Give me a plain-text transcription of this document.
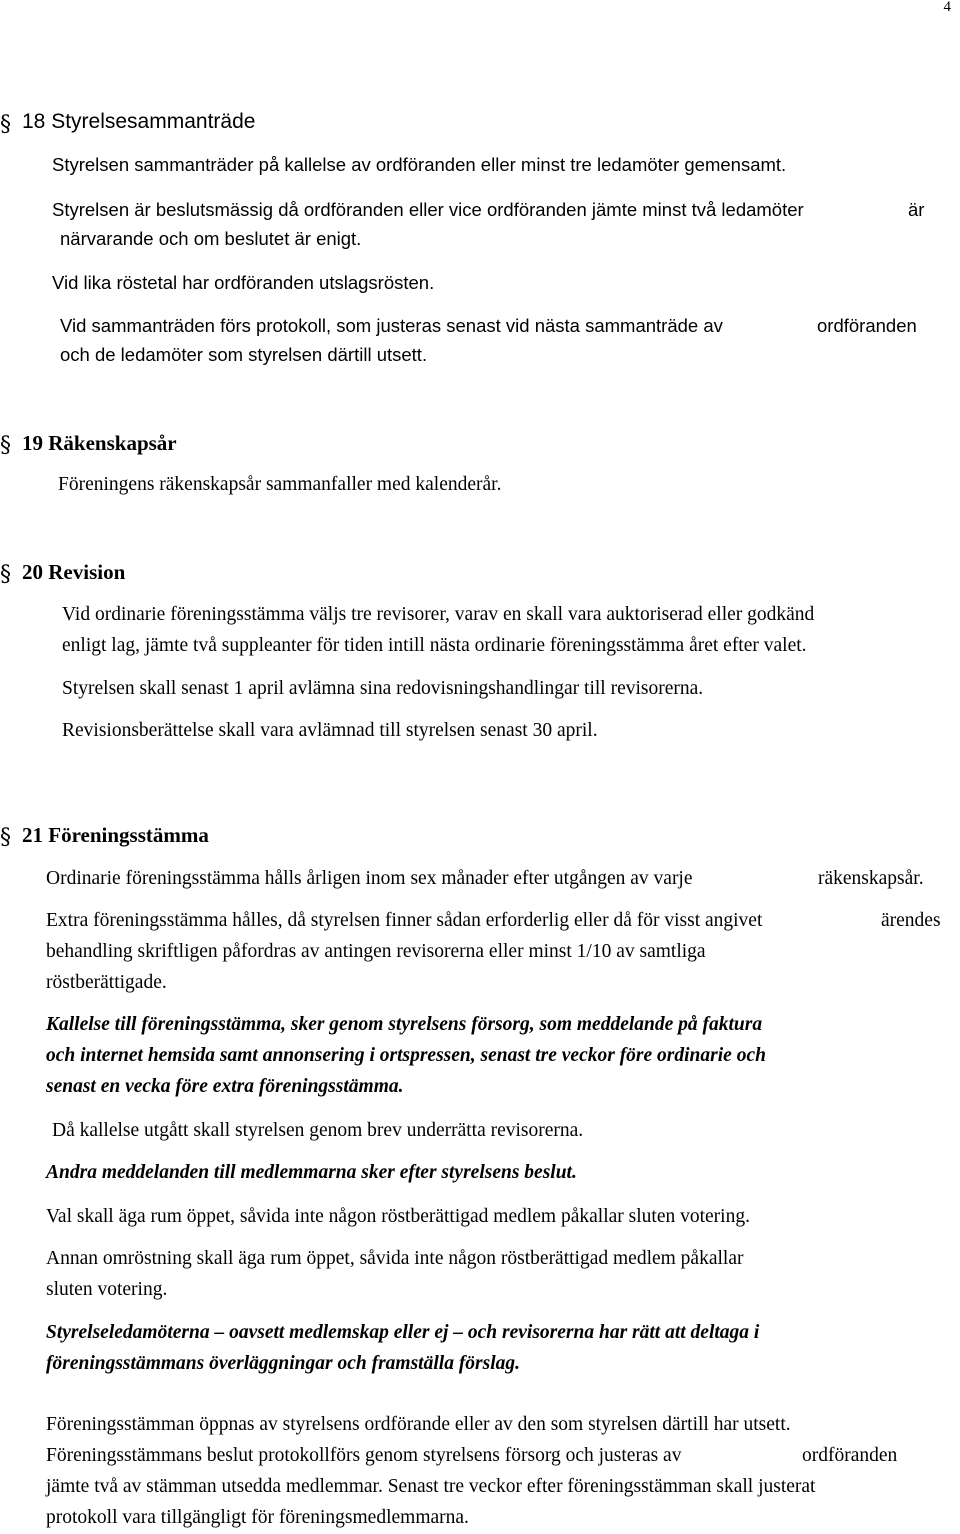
4
§ 18 Styrelsesammanträde
Styrelsen sammanträder på kallelse av ordföranden eller minst tre ledamöter gemensamt.
Styrelsen är beslutsmässig då ordföranden eller vice ordföranden jämte minst två ledamöter	är
närvarande och om beslutet är enigt.
Vid lika röstetal har ordföranden utslagsrösten.
Vid sammanträden förs protokoll, som justeras senast vid nästa sammanträde av	ordföranden
och de ledamöter som styrelsen därtill utsett.
§ 19 Räkenskapsår
Föreningens räkenskapsår sammanfaller med kalenderår.
§ 20 Revision
Vid ordinarie föreningsstämma väljs tre revisorer, varav en skall vara auktoriserad eller godkänd
enligt lag, jämte två suppleanter för tiden intill nästa ordinarie föreningsstämma året efter valet.
Styrelsen skall senast 1 april avlämna sina redovisningshandlingar till revisorerna.
Revisionsberättelse skall vara avlämnad till styrelsen senast 30 april.
§ 21 Föreningsstämma
Ordinarie föreningsstämma hålls årligen inom sex månader efter utgången av varje	räkenskapsår.
Extra föreningsstämma hålles, då styrelsen finner sådan erforderlig eller då för visst angivet	ärendes
behandling skriftligen påfordras av antingen revisorerna eller minst 1/10 av samtliga
röstberättigade.
Kallelse till föreningsstämma, sker genom styrelsens försorg, som meddelande på faktura
och internet hemsida samt annonsering i ortspressen, senast tre veckor före ordinarie och
senast en vecka före extra föreningsstämma.
Då kallelse utgått skall styrelsen genom brev underrätta revisorerna.
Andra meddelanden till medlemmarna sker efter styrelsens beslut.
Val skall äga rum öppet, såvida inte någon röstberättigad medlem påkallar sluten votering.
Annan omröstning skall äga rum öppet, såvida inte någon röstberättigad medlem påkallar
sluten votering.
Styrelseledamöterna – oavsett medlemskap eller ej – och revisorerna har rätt att deltaga i
föreningsstämmans överläggningar och framställa förslag.
Föreningsstämman öppnas av styrelsens ordförande eller av den som styrelsen därtill har utsett.
Föreningsstämmans beslut protokollförs genom styrelsens försorg och justeras av	ordföranden
jämte två av stämman utsedda medlemmar. Senast tre veckor efter föreningsstämman skall justerat
protokoll vara tillgängligt för föreningsmedlemmarna.
